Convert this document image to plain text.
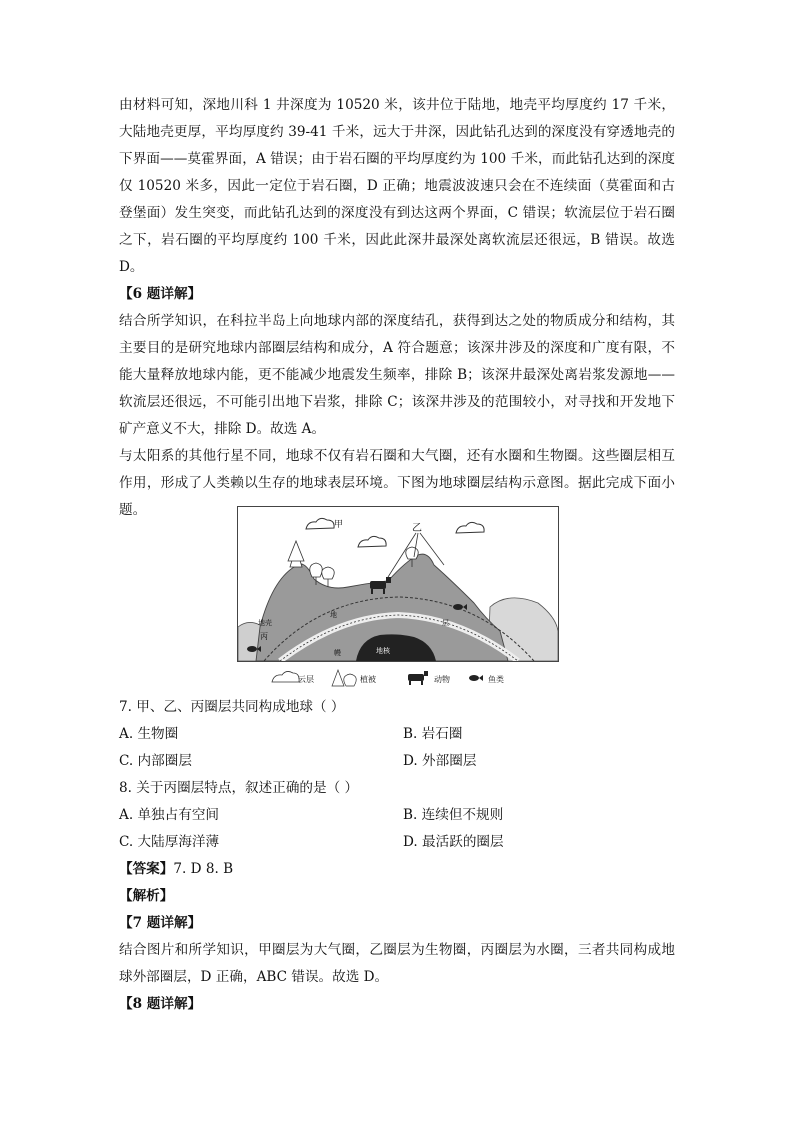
由材料可知，深地川科 1 井深度为 10520 米，该井位于陆地，地壳平均厚度约 17 千米，大陆地壳更厚，平均厚度约 39-41 千米，远大于井深，因此钻孔达到的深度没有穿透地壳的下界面——莫霍界面，A 错误；由于岩石圈的平均厚度约为 100 千米，而此钻孔达到的深度仅 10520 米多，因此一定位于岩石圈，D 正确；地震波波速只会在不连续面（莫霍面和古登堡面）发生突变，而此钻孔达到的深度没有到达这两个界面，C 错误；软流层位于岩石圈之下，岩石圈的平均厚度约 100 千米，因此此深井最深处离软流层还很远，B 错误。故选 D。

【6 题详解】

结合所学知识，在科拉半岛上向地球内部的深度结孔，获得到达之处的物质成分和结构，其主要目的是研究地球内部圈层结构和成分，A 符合题意；该深井涉及的深度和广度有限，不能大量释放地球内能，更不能减少地震发生频率，排除 B；该深井最深处离岩浆发源地——软流层还很远，不可能引出地下岩浆，排除 C；该深井涉及的范围较小，对寻找和开发地下矿产意义不大，排除 D。故选 A。

与太阳系的其他行星不同，地球不仅有岩石圈和大气圈，还有水圈和生物圈。这些圈层相互作用，形成了人类赖以生存的地球表层环境。下图为地球圈层结构示意图。据此完成下面小题。

甲	乙
丙
地壳
地
幔	地核
层
云层	植被	动物	鱼类

7. 甲、乙、丙圈层共同构成地球（ ）

A. 生物圈	B. 岩石圈

C. 内部圈层	D. 外部圈层

8. 关于丙圈层特点，叙述正确的是（ ）

A. 单独占有空间	B. 连续但不规则

C. 大陆厚海洋薄	D. 最活跃的圈层

【答案】7. D 8. B

【解析】

【7 题详解】

结合图片和所学知识，甲圈层为大气圈，乙圈层为生物圈，丙圈层为水圈，三者共同构成地球外部圈层，D 正确，ABC 错误。故选 D。

【8 题详解】
